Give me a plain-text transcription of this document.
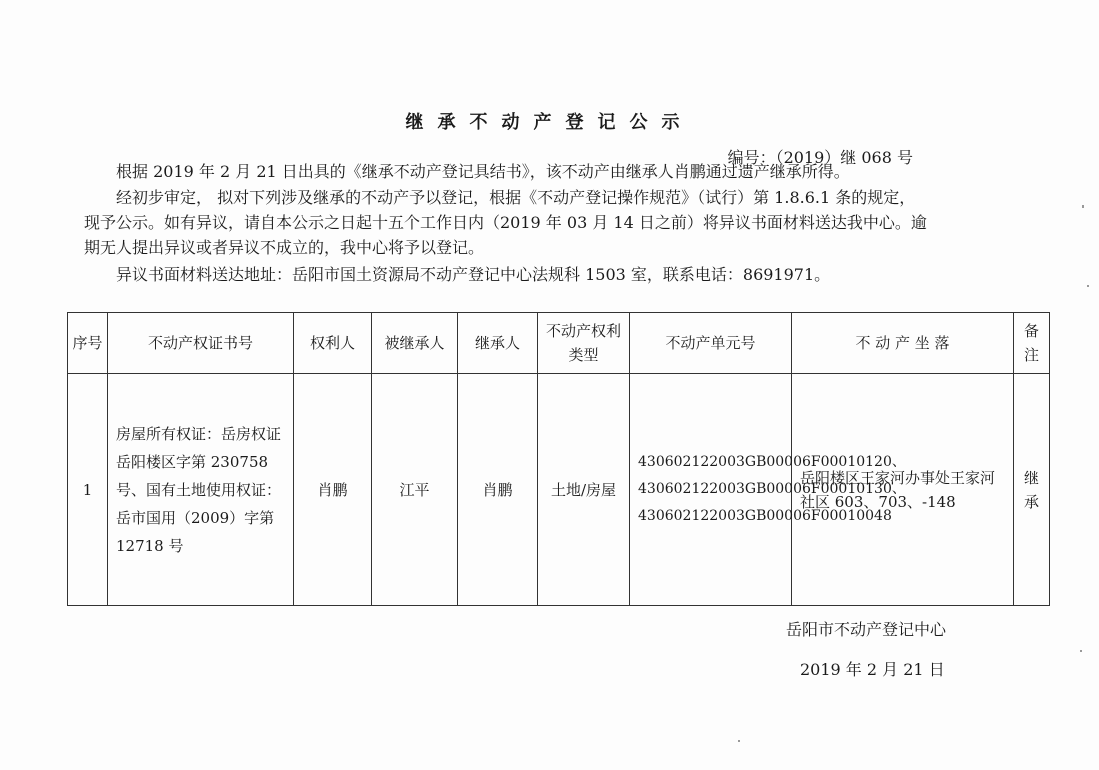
继承不动产登记公示
编号：（2019）继 068 号
根据 2019 年 2 月 21 日出具的《继承不动产登记具结书》，该不动产由继承人肖鹏通过遗产继承所得。
经初步审定， 拟对下列涉及继承的不动产予以登记，根据《不动产登记操作规范》（试行）第 1.8.6.1 条的规定，
现予公示。如有异议，请自本公示之日起十五个工作日内（2019 年 03 月 14 日之前）将异议书面材料送达我中心。逾
期无人提出异议或者异议不成立的，我中心将予以登记。
异议书面材料送达地址：岳阳市国土资源局不动产登记中心法规科 1503 室，联系电话：8691971。
序号	不动产权证书号	权利人	被继承人	继承人	不动产权利类型	不动产单元号	不 动 产 坐 落	备注
1	房屋所有权证：岳房权证岳阳楼区字第 230758 号、国有土地使用权证：岳市国用（2009）字第 12718 号	肖鹏	江平	肖鹏	土地/房屋	430602122003GB00006F00010120、
430602122003GB00006F00010130、
430602122003GB00006F00010048	岳阳楼区王家河办事处王家河社区 603、703、-148	继承
岳阳市不动产登记中心
2019 年 2 月 21 日
